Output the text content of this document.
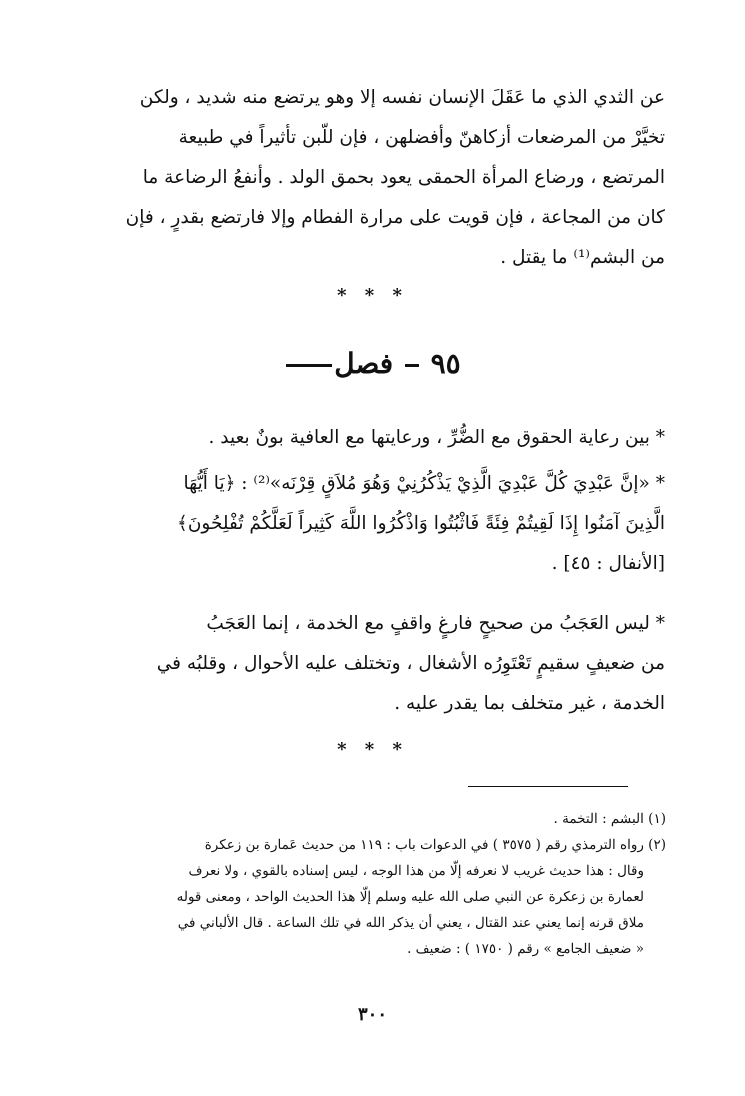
عن الثدي الذي ما عَقَلَ الإنسان نفسه إلا وهو يرتضع منه شديد ، ولكن

تخيَّرْ من المرضعات أزكاهنّ وأفضلهن ، فإن للّبن تأثيراً في طبيعة

المرتضع ، ورضاع المرأة الحمقى يعود بحمق الولد . وأنفعُ الرضاعة ما

كان من المجاعة ، فإن قويت على مرارة الفطام وإلا فارتضع بقدرٍ ، فإن

من البشم⁽¹⁾ ما يقتل .

* * *
٩٥  فصل

* بين رعاية الحقوق مع الضُّرِّ ، ورعايتها مع العافية بونٌ بعيد .

* «إنَّ عَبْدِيَ كُلَّ عَبْدِيَ الَّذِيْ يَذْكُرُنِيْ وَهُوَ مُلاَقٍ قِرْنَه»⁽²⁾ : ﴿يَا أَيُّهَا

الَّذِينَ آمَنُوا إِذَا لَقِيتُمْ فِئَةً فَاثْبُتُوا وَاذْكُرُوا اللَّهَ كَثِيراً لَعَلَّكُمْ تُفْلِحُونَ﴾

[الأنفال : ٤٥] .

* ليس العَجَبُ من صحيحٍ فارغٍ واقفٍ مع الخدمة ، إنما العَجَبُ

من ضعيفٍ سقيمٍ تَعْتَوِرُه الأشغال ، وتختلف عليه الأحوال ، وقلبُه في

الخدمة ، غير متخلف بما يقدر عليه .

* * *

(١) البشم : التخمة .

(٢) رواه الترمذي رقم ( ٣٥٧٥ ) في الدعوات باب : ١١٩ من حديث عَمارة بن زعكرة

وقال : هذا حديث غريب لا نعرفه إلّا من هذا الوجه ، ليس إسناده بالقوي ، ولا نعرف

لعمارة بن زعكرة عن النبي صلى الله عليه وسلم إلّا هذا الحديث الواحد ، ومعنى قوله

ملاق قرنه إنما يعني عند القتال ، يعني أن يذكر الله في تلك الساعة . قال الألباني في

« ضعيف الجامع » رقم ( ١٧٥٠ ) : ضعيف .

٣٠٠
